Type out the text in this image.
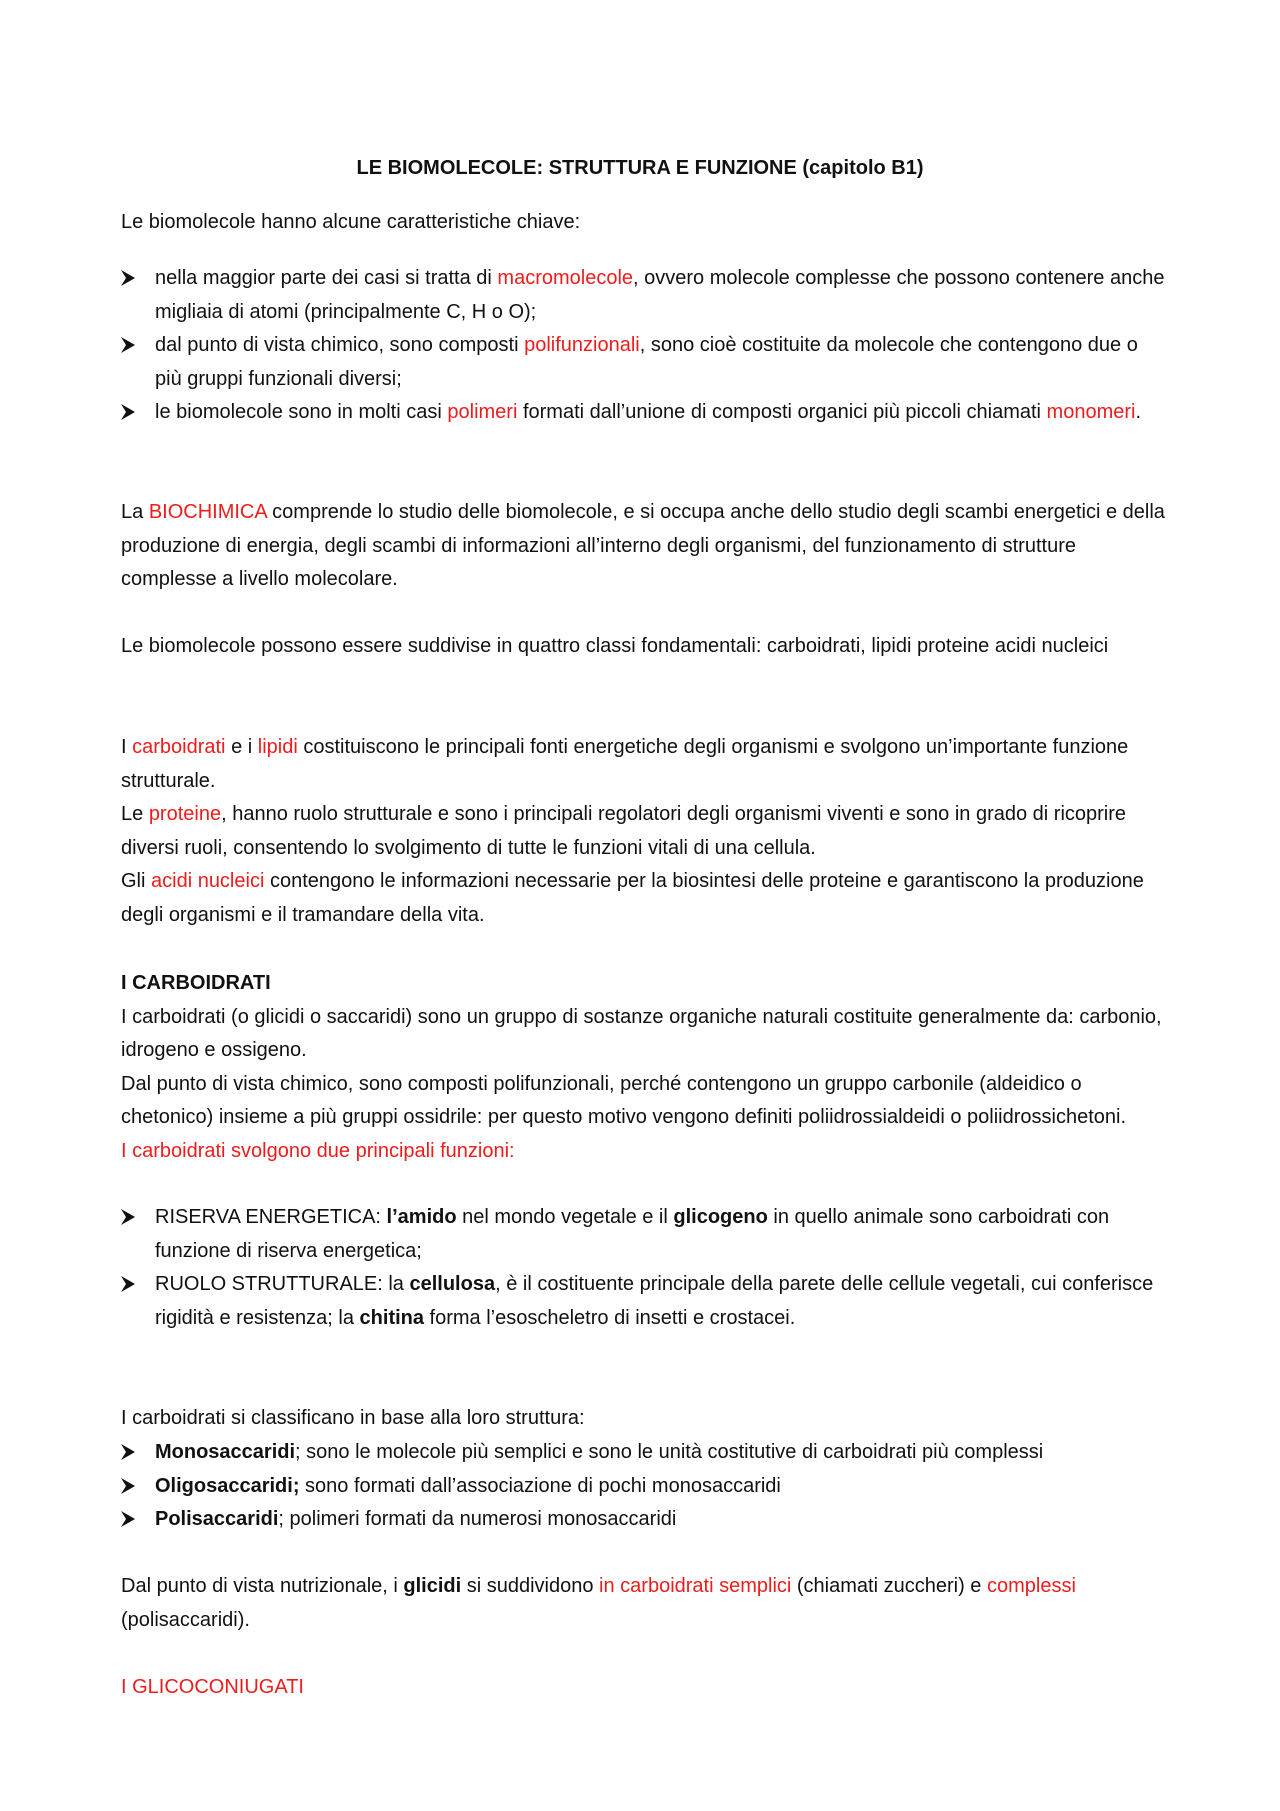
LE BIOMOLECOLE: STRUTTURA E FUNZIONE (capitolo B1)

Le biomolecole hanno alcune caratteristiche chiave:

nella maggior parte dei casi si tratta di macromolecole, ovvero molecole complesse che possono contenere anche migliaia di atomi (principalmente C, H o O);
dal punto di vista chimico, sono composti polifunzionali, sono cioè costituite da molecole che contengono due o più gruppi funzionali diversi;
le biomolecole sono in molti casi polimeri formati dall’unione di composti organici più piccoli chiamati monomeri.

La BIOCHIMICA comprende lo studio delle biomolecole, e si occupa anche dello studio degli scambi energetici e della produzione di energia, degli scambi di informazioni all’interno degli organismi, del funzionamento di strutture complesse a livello molecolare.

Le biomolecole possono essere suddivise in quattro classi fondamentali: carboidrati, lipidi proteine acidi nucleici

I carboidrati e i lipidi costituiscono le principali fonti energetiche degli organismi e svolgono un’importante funzione strutturale.

Le proteine, hanno ruolo strutturale e sono i principali regolatori degli organismi viventi e sono in grado di ricoprire diversi ruoli, consentendo lo svolgimento di tutte le funzioni vitali di una cellula.

Gli acidi nucleici contengono le informazioni necessarie per la biosintesi delle proteine e garantiscono la produzione degli organismi e il tramandare della vita.

I CARBOIDRATI

I carboidrati (o glicidi o saccaridi) sono un gruppo di sostanze organiche naturali costituite generalmente da: carbonio, idrogeno e ossigeno.

Dal punto di vista chimico, sono composti polifunzionali, perché contengono un gruppo carbonile (aldeidico o chetonico) insieme a più gruppi ossidrile: per questo motivo vengono definiti poliidrossialdeidi o poliidrossichetoni.

I carboidrati svolgono due principali funzioni:

RISERVA ENERGETICA: l’amido nel mondo vegetale e il glicogeno in quello animale sono carboidrati con funzione di riserva energetica;
RUOLO STRUTTURALE: la cellulosa, è il costituente principale della parete delle cellule vegetali, cui conferisce rigidità e resistenza; la chitina forma l’esoscheletro di insetti e crostacei.

I carboidrati si classificano in base alla loro struttura:

Monosaccaridi; sono le molecole più semplici e sono le unità costitutive di carboidrati più complessi
Oligosaccaridi; sono formati dall’associazione di pochi monosaccaridi
Polisaccaridi; polimeri formati da numerosi monosaccaridi

Dal punto di vista nutrizionale, i glicidi si suddividono in carboidrati semplici (chiamati zuccheri) e complessi (polisaccaridi).

I GLICOCONIUGATI
